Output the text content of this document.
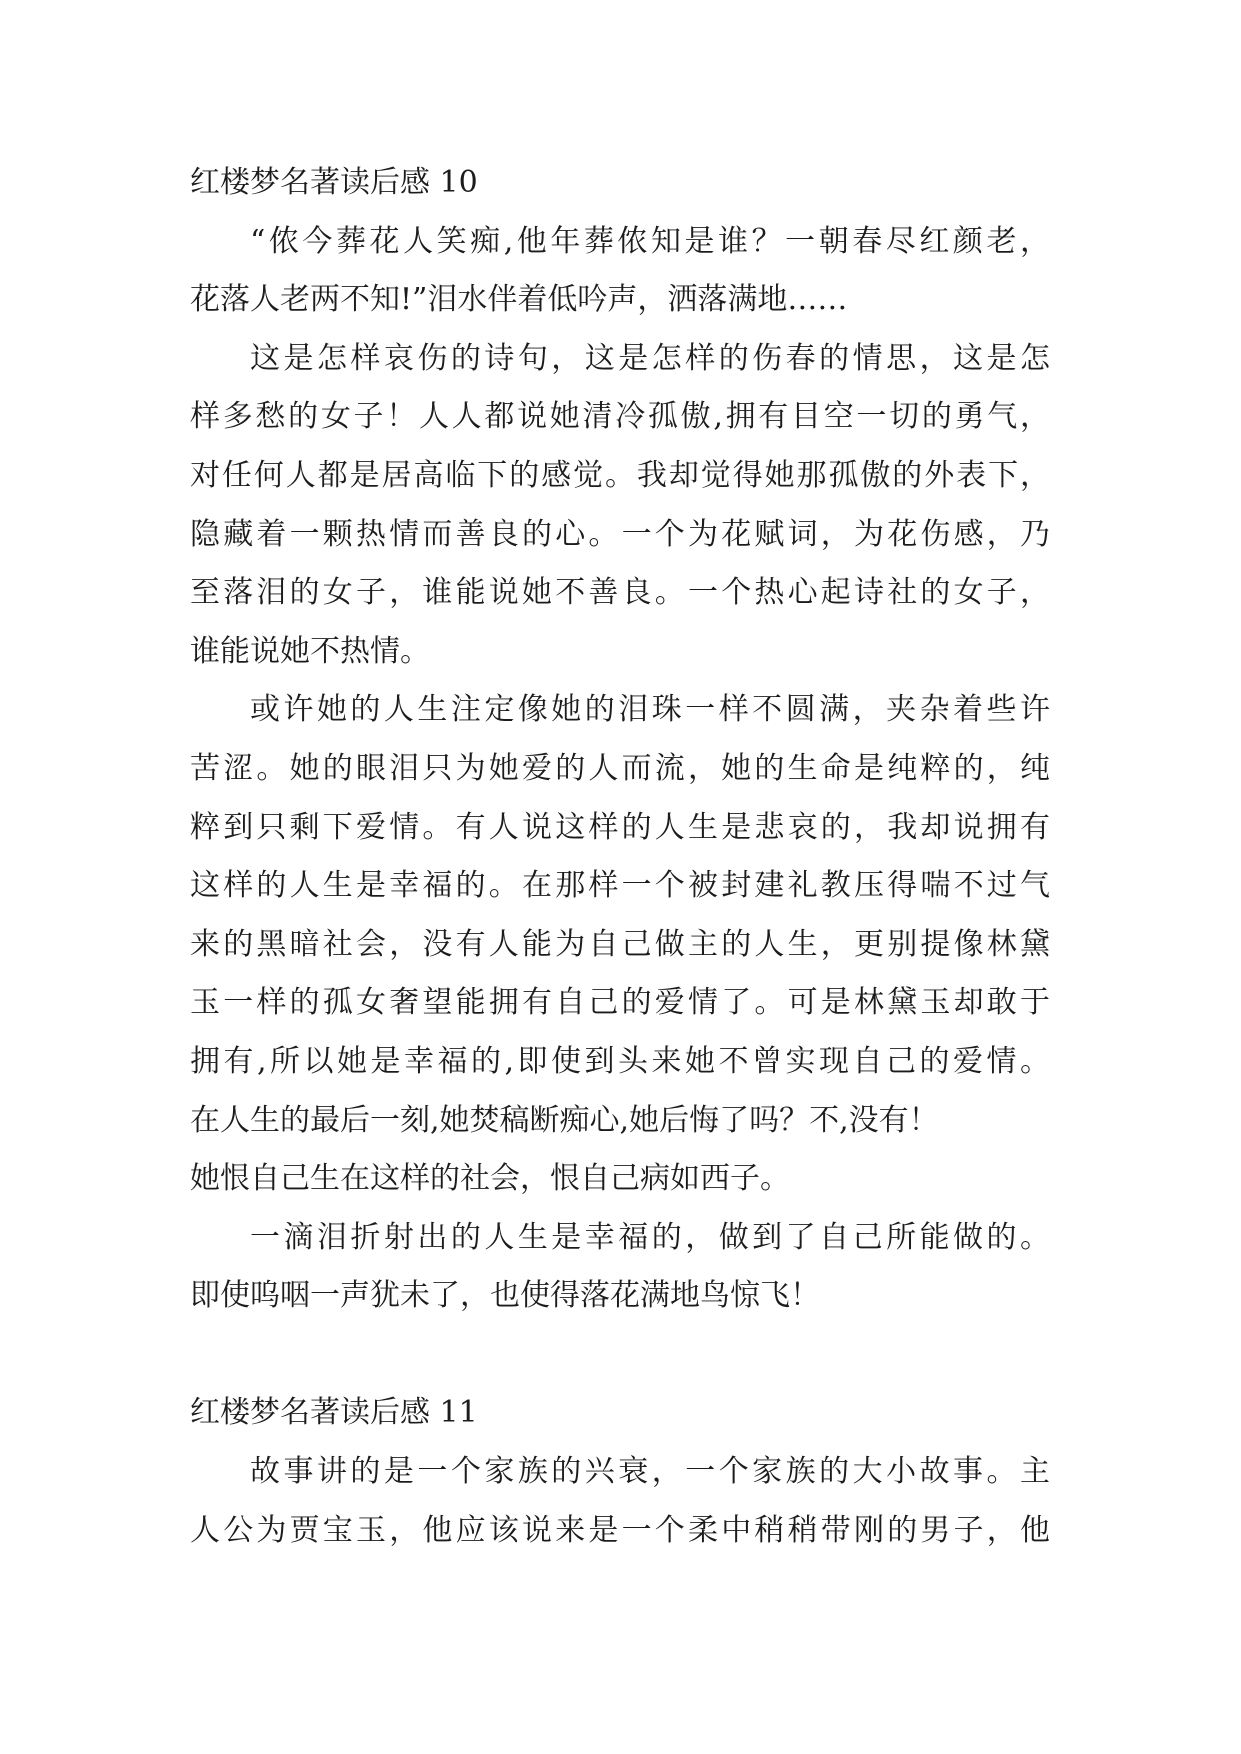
红楼梦名著读后感 10
“侬今葬花人笑痴,他年葬侬知是谁？一朝春尽红颜老，
花落人老两不知!”泪水伴着低吟声，洒落满地……
这是怎样哀伤的诗句，这是怎样的伤春的情思，这是怎
样多愁的女子！人人都说她清冷孤傲,拥有目空一切的勇气，
对任何人都是居高临下的感觉。我却觉得她那孤傲的外表下，
隐藏着一颗热情而善良的心。一个为花赋词，为花伤感，乃
至落泪的女子，谁能说她不善良。一个热心起诗社的女子，
谁能说她不热情。
或许她的人生注定像她的泪珠一样不圆满，夹杂着些许
苦涩。她的眼泪只为她爱的人而流，她的生命是纯粹的，纯
粹到只剩下爱情。有人说这样的人生是悲哀的，我却说拥有
这样的人生是幸福的。在那样一个被封建礼教压得喘不过气
来的黑暗社会，没有人能为自己做主的人生，更别提像林黛
玉一样的孤女奢望能拥有自己的爱情了。可是林黛玉却敢于
拥有,所以她是幸福的,即使到头来她不曾实现自己的爱情。
在人生的最后一刻,她焚稿断痴心,她后悔了吗？不,没有！
她恨自己生在这样的社会，恨自己病如西子。
一滴泪折射出的人生是幸福的，做到了自己所能做的。
即使呜咽一声犹未了，也使得落花满地鸟惊飞！
红楼梦名著读后感 11
故事讲的是一个家族的兴衰，一个家族的大小故事。主
人公为贾宝玉，他应该说来是一个柔中稍稍带刚的男子，他
